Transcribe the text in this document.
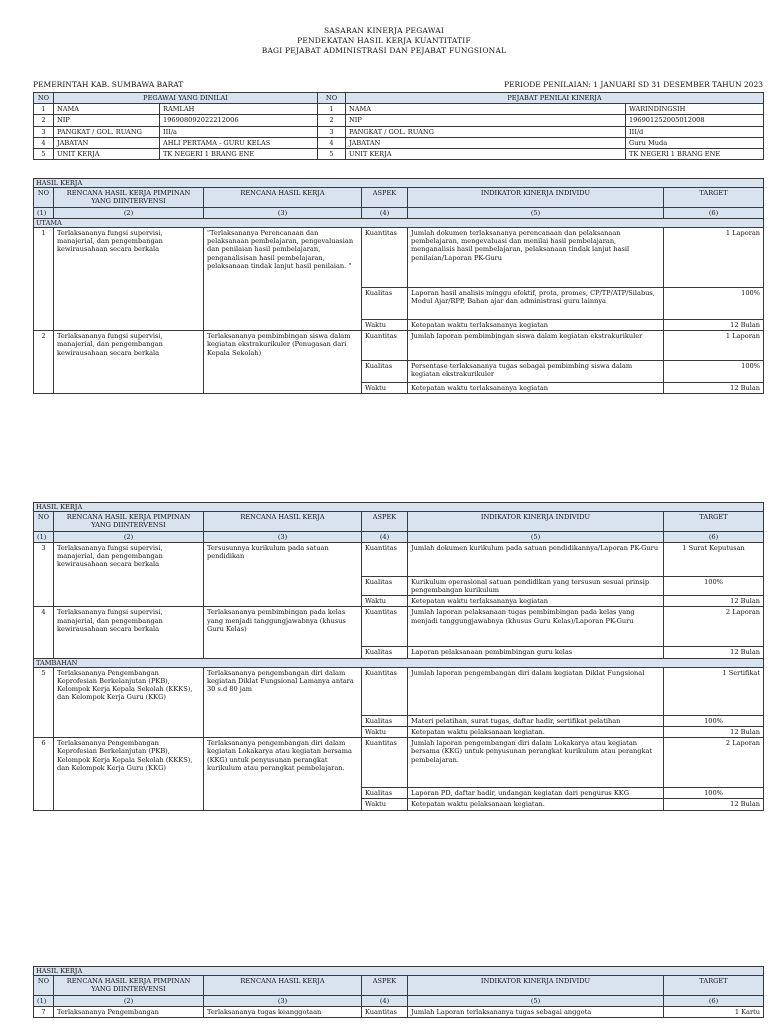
SASARAN KINERJA PEGAWAI
PENDEKATAN HASIL KERJA KUANTITATIF
BAGI PEJABAT ADMINISTRASI DAN PEJABAT FUNGSIONAL
PEMERINTAH KAB. SUMBAWA BARAT	PERIODE PENILAIAN: 1 JANUARI SD 31 DESEMBER TAHUN 2023
NO	PEGAWAI YANG DINILAI		NO	PEJABAT PENILAI KINERJA	
1	NAMA	RAMLAH	1	NAMA	WARINDINGSIH
2	NIP	196908092022212006	2	NIP	196901252005012008
3	PANGKAT / GOL. RUANG	III/a	3	PANGKAT / GOL. RUANG	III/d
4	JABATAN	AHLI PERTAMA - GURU KELAS	4	JABATAN	Guru Muda
5	UNIT KERJA	TK NEGERI 1 BRANG ENE	5	UNIT KERJA	TK NEGERI 1 BRANG ENE
HASIL KERJA					
NO	RENCANA HASIL KERJA PIMPINAN YANG DIINTERVENSI	RENCANA HASIL KERJA	ASPEK	INDIKATOR KINERJA INDIVIDU	TARGET
(1)	(2)	(3)	(4)	(5)	(6)
UTAMA					
1	Terlaksananya fungsi supervisi, manajerial, dan pengembangan kewirausahaan secara berkala	"Terlaksananya Perencanaan dan pelaksanaan pembelajaran, pengevaluasian dan penilaian hasil pembelajaran, penganalisisan hasil pembelajaran, pelaksanaan tindak lanjut hasil penilaian. "	Kuantitas	Jumlah dokumen terlaksananya perencanaan dan pelaksanaan pembelajaran, mengevaluasi dan menilai hasil pembelajaran, menganalisis hasil pembelajaran, pelaksanaan tindak lanjut hasil penilaian/Laporan PK-Guru	1 Laporan
			Kualitas	Laporan hasil analisis minggu efektif, prota, promes, CP/TP/ATP/Silabus, Modul Ajar/RPP, Bahan ajar dan administrasi guru lainnya	100%
			Waktu	Ketepatan waktu terlaksananya kegiatan	12 Bulan
2	Terlaksananya fungsi supervisi, manajerial, dan pengembangan kewirausahaan secara berkala	Terlaksananya pembimbingan siswa dalam kegiatan ekstrakurikuler (Penugasan dari Kepala Sekolah)	Kuantitas	Jumlah laporan pembimbingan siswa dalam kegiatan ekstrakurikuler	1 Laporan
			Kualitas	Persentase terlaksananya tugas sebagai pembimbing siswa dalam kegiatan ekstrakurikuler	100%
			Waktu	Ketepatan waktu terlaksananya kegiatan	12 Bulan
HASIL KERJA					
NO	RENCANA HASIL KERJA PIMPINAN YANG DIINTERVENSI	RENCANA HASIL KERJA	ASPEK	INDIKATOR KINERJA INDIVIDU	TARGET
(1)	(2)	(3)	(4)	(5)	(6)
3	Terlaksananya fungsi supervisi, manajerial, dan pengembangan kewirausahaan secara berkala	Tersusunnya kurikulum pada satuan pendidikan	Kuantitas	Jumlah dokumen kurikulum pada satuan pendidikannya/Laporan PK-Guru	1 Surat Keputusan
			Kualitas	Kurikulum operasional satuan pendidikan yang tersusun sesuai prinsip pengembangan kurikulum	100%
			Waktu	Ketepatan waktu terlaksananya kegiatan	12 Bulan
4	Terlaksananya fungsi supervisi, manajerial, dan pengembangan kewirausahaan secara berkala	Terlaksananya pembimbingan pada kelas yang menjadi tanggungjawabnya (khusus Guru Kelas)	Kuantitas	Jumlah laporan pelaksanaan tugas pembimbingan pada kelas yang menjadi tanggungjawabnya (khusus Guru Kelas)/Laporan PK-Guru	2 Laporan
			Kualitas	Laporan pelaksanaan pembimbingan guru kelas	12 Bulan
TAMBAHAN					
5	Terlaksananya Pengembangan Keprofesian Berkelanjutan (PKB), Kelompok Kerja Kepala Sekolah (KKKS), dan Kelompok Kerja Guru (KKG)	Terlaksananya pengembangan diri dalam kegiatan Diklat Fungsional Lamanya antara 30 s.d 80 jam	Kuantitas	Jumlah laporan pengembangan diri dalam kegiatan Diklat Fungsional	1 Sertifikat
			Kualitas	Materi pelatihan, surat tugas, daftar hadir, sertifikat pelatihan	100%
			Waktu	Ketepatan waktu pelaksanaan kegiatan.	12 Bulan
6	Terlaksananya Pengembangan Keprofesian Berkelanjutan (PKB), Kelompok Kerja Kepala Sekolah (KKKS), dan Kelompok Kerja Guru (KKG)	Terlaksananya pengembangan diri dalam kegiatan Lokakarya atau kegiatan bersama (KKG) untuk penyusunan perangkat kurikulum atau perangkat pembelajaran.	Kuantitas	Jumlah laporan pengembangan diri dalam Lokakarya atau kegiatan bersama (KKG) untuk penyusunan perangkat kurikulum atau perangkat pembelajaran.	2 Laporan
			Kualitas	Laporan PD, daftar hadir, undangan kegiatan dari pengurus KKG	100%
			Waktu	Ketepatan waktu pelaksanaan kegiatan.	12 Bulan
HASIL KERJA					
NO	RENCANA HASIL KERJA PIMPINAN YANG DIINTERVENSI	RENCANA HASIL KERJA	ASPEK	INDIKATOR KINERJA INDIVIDU	TARGET
(1)	(2)	(3)	(4)	(5)	(6)
7	Terlaksananya Pengembangan	Terlaksananya tugas keanggotaan	Kuantitas	Jumlah Laporan terlaksananya tugas sebagai anggota	1 Kartu
